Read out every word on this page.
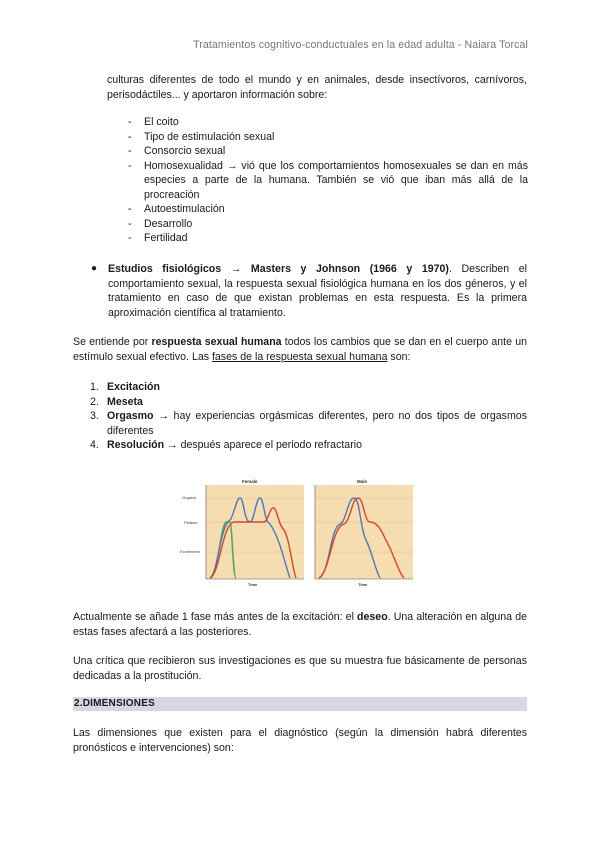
Tratamientos cognitivo-conductuales en la edad adulta - Naiara Torcal
culturas diferentes de todo el mundo y en animales, desde insectívoros, carnívoros, perisodáctiles... y aportaron información sobre:
- El coito
- Tipo de estimulación sexual
- Consorcio sexual
- Homosexualidad → vió que los comportamientos homosexuales se dan en más especies a parte de la humana. También se vió que iban más allá de la procreación
- Autoestimulación
- Desarrollo
- Fertilidad
● Estudios fisiológicos → Masters y Johnson (1966 y 1970). Describen el comportamiento sexual, la respuesta sexual fisiológica humana en los dos géneros, y el tratamiento en caso de que existan problemas en esta respuesta. Es la primera aproximación científica al tratamiento.
Se entiende por respuesta sexual humana todos los cambios que se dan en el cuerpo ante un estímulo sexual efectivo. Las fases de la respuesta sexual humana son:
1. Excitación
2. Meseta
3. Orgasmo → hay experiencias orgásmicas diferentes, pero no dos tipos de orgasmos diferentes
4. Resolución → después aparece el periodo refractario
Female	Male
Orgasm
Plateau
Excitement
Time	Time
Actualmente se añade 1 fase más antes de la excitación: el deseo. Una alteración en alguna de estas fases afectará a las posteriores.
Una crítica que recibieron sus investigaciones es que su muestra fue básicamente de personas dedicadas a la prostitución.
2.DIMENSIONES
Las dimensiones que existen para el diagnóstico (según la dimensión habrá diferentes pronósticos e intervenciones) son:
